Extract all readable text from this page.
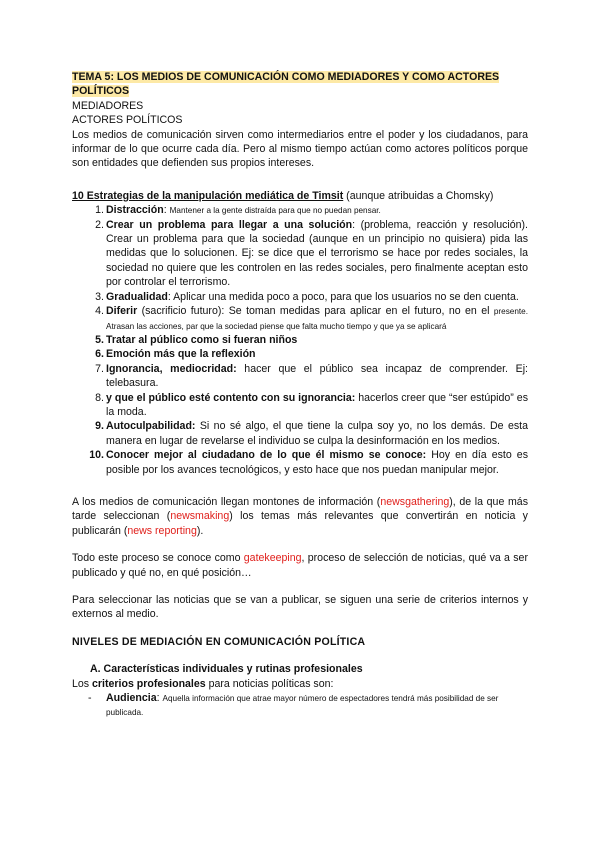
TEMA 5: LOS MEDIOS DE COMUNICACIÓN COMO MEDIADORES Y COMO ACTORES POLÍTICOS

MEDIADORES

ACTORES POLÍTICOS

Los medios de comunicación sirven como intermediarios entre el poder y los ciudadanos, para informar de lo que ocurre cada día. Pero al mismo tiempo actúan como actores políticos porque son entidades que defienden sus propios intereses.

10 Estrategias de la manipulación mediática de Timsit (aunque atribuidas a Chomsky)

1. Distracción: Mantener a la gente distraída para que no puedan pensar.
2. Crear un problema para llegar a una solución: (problema, reacción y resolución). Crear un problema para que la sociedad (aunque en un principio no quisiera) pida las medidas que lo solucionen. Ej: se dice que el terrorismo se hace por redes sociales, la sociedad no quiere que les controlen en las redes sociales, pero finalmente aceptan esto por controlar el terrorismo.
3. Gradualidad: Aplicar una medida poco a poco, para que los usuarios no se den cuenta.
4. Diferir (sacrificio futuro): Se toman medidas para aplicar en el futuro, no en el presente. Atrasan las acciones, par que la sociedad piense que falta mucho tiempo y que ya se aplicará
5. Tratar al público como si fueran niños
6. Emoción más que la reflexión
7. Ignorancia, mediocridad: hacer que el público sea incapaz de comprender. Ej: telebasura.
8. y que el público esté contento con su ignorancia: hacerlos creer que “ser estúpido” es la moda.
9. Autoculpabilidad: Si no sé algo, el que tiene la culpa soy yo, no los demás. De esta manera en lugar de revelarse el individuo se culpa la desinformación en los medios.
10. Conocer mejor al ciudadano de lo que él mismo se conoce: Hoy en día esto es posible por los avances tecnológicos, y esto hace que nos puedan manipular mejor.

A los medios de comunicación llegan montones de información (newsgathering), de la que más tarde seleccionan (newsmaking) los temas más relevantes que convertirán en noticia y publicarán (news reporting).

Todo este proceso se conoce como gatekeeping, proceso de selección de noticias, qué va a ser publicado y qué no, en qué posición…

Para seleccionar las noticias que se van a publicar, se siguen una serie de criterios internos y externos al medio.

NIVELES DE MEDIACIÓN EN COMUNICACIÓN POLÍTICA

A. Características individuales y rutinas profesionales

Los criterios profesionales para noticias políticas son:

- Audiencia: Aquella información que atrae mayor número de espectadores tendrá más posibilidad de ser publicada.
